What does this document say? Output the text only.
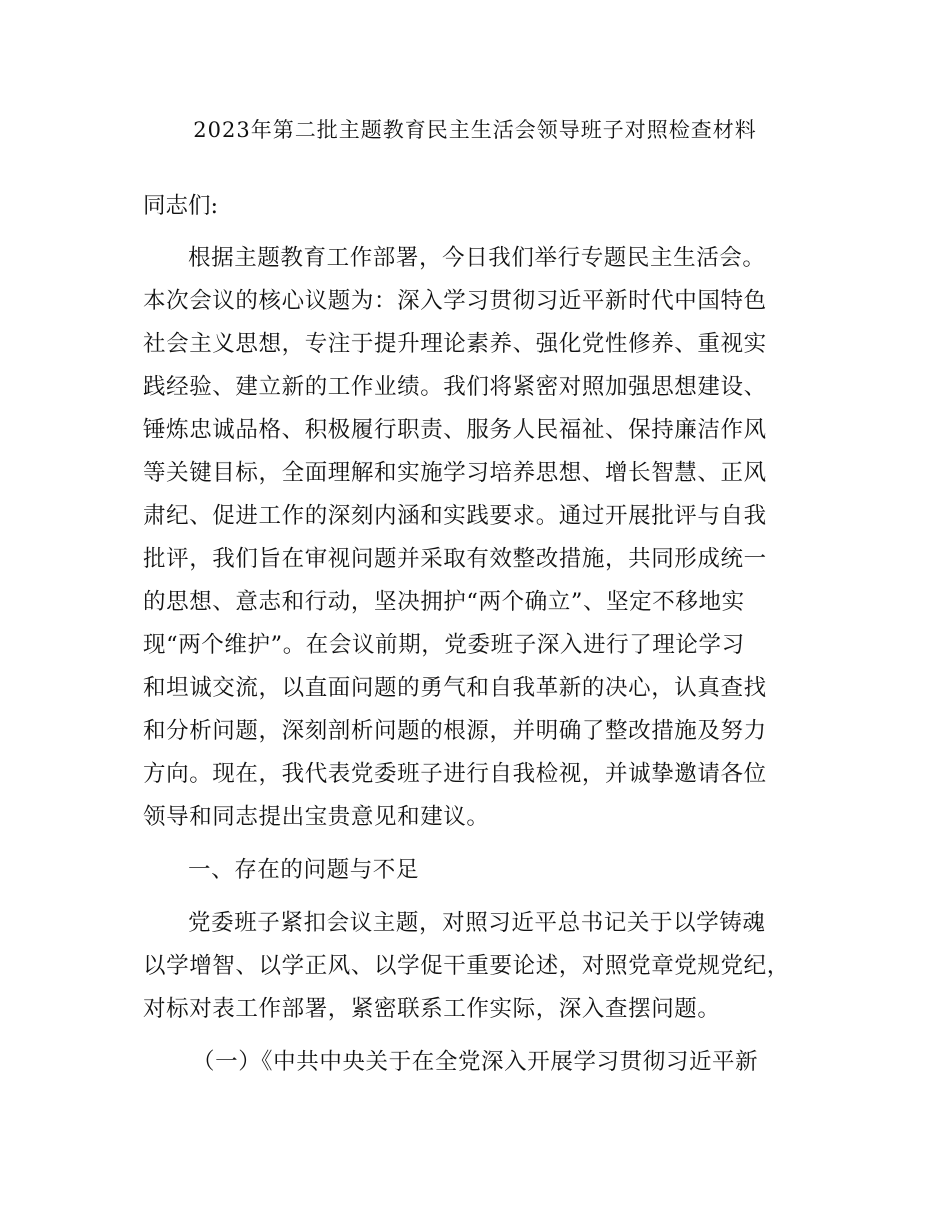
2023年第二批主题教育民主生活会领导班子对照检查材料
同志们:
根据主题教育工作部署，今日我们举行专题民主生活会。
本次会议的核心议题为：深入学习贯彻习近平新时代中国特色
社会主义思想，专注于提升理论素养、强化党性修养、重视实
践经验、建立新的工作业绩。我们将紧密对照加强思想建设、
锤炼忠诚品格、积极履行职责、服务人民福祉、保持廉洁作风
等关键目标，全面理解和实施学习培养思想、增长智慧、正风
肃纪、促进工作的深刻内涵和实践要求。通过开展批评与自我
批评，我们旨在审视问题并采取有效整改措施，共同形成统一
的思想、意志和行动，坚决拥护“两个确立”、坚定不移地实
现“两个维护”。在会议前期，党委班子深入进行了理论学习
和坦诚交流，以直面问题的勇气和自我革新的决心，认真查找
和分析问题，深刻剖析问题的根源，并明确了整改措施及努力
方向。现在，我代表党委班子进行自我检视，并诚挚邀请各位
领导和同志提出宝贵意见和建议。
一、存在的问题与不足
党委班子紧扣会议主题，对照习近平总书记关于以学铸魂
以学增智、以学正风、以学促干重要论述，对照党章党规党纪，
对标对表工作部署，紧密联系工作实际，深入查摆问题。
（一）《中共中央关于在全党深入开展学习贯彻习近平新
